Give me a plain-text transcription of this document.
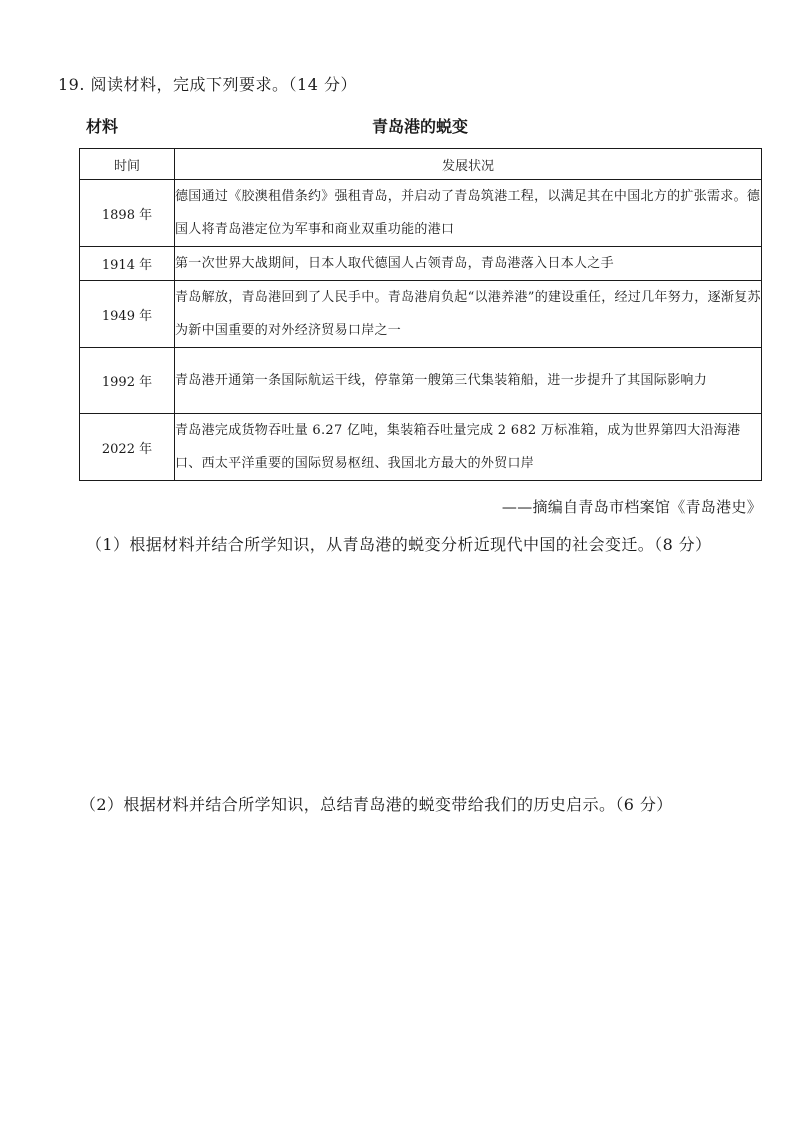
19. 阅读材料，完成下列要求。（14 分）
材料	青岛港的蜕变
时间	发展状况
1898 年	德国通过《胶澳租借条约》强租青岛，并启动了青岛筑港工程，以满足其在中国北方的扩张需求。德国人将青岛港定位为军事和商业双重功能的港口
1914 年	第一次世界大战期间，日本人取代德国人占领青岛，青岛港落入日本人之手
1949 年	青岛解放，青岛港回到了人民手中。青岛港肩负起“以港养港”的建设重任，经过几年努力，逐渐复苏为新中国重要的对外经济贸易口岸之一
1992 年	青岛港开通第一条国际航运干线，停靠第一艘第三代集装箱船，进一步提升了其国际影响力
2022 年	青岛港完成货物吞吐量 6.27 亿吨，集装箱吞吐量完成 2 682 万标准箱，成为世界第四大沿海港口、西太平洋重要的国际贸易枢纽、我国北方最大的外贸口岸
——摘编自青岛市档案馆《青岛港史》
（1）根据材料并结合所学知识，从青岛港的蜕变分析近现代中国的社会变迁。（8 分）
（2）根据材料并结合所学知识，总结青岛港的蜕变带给我们的历史启示。（6 分）
